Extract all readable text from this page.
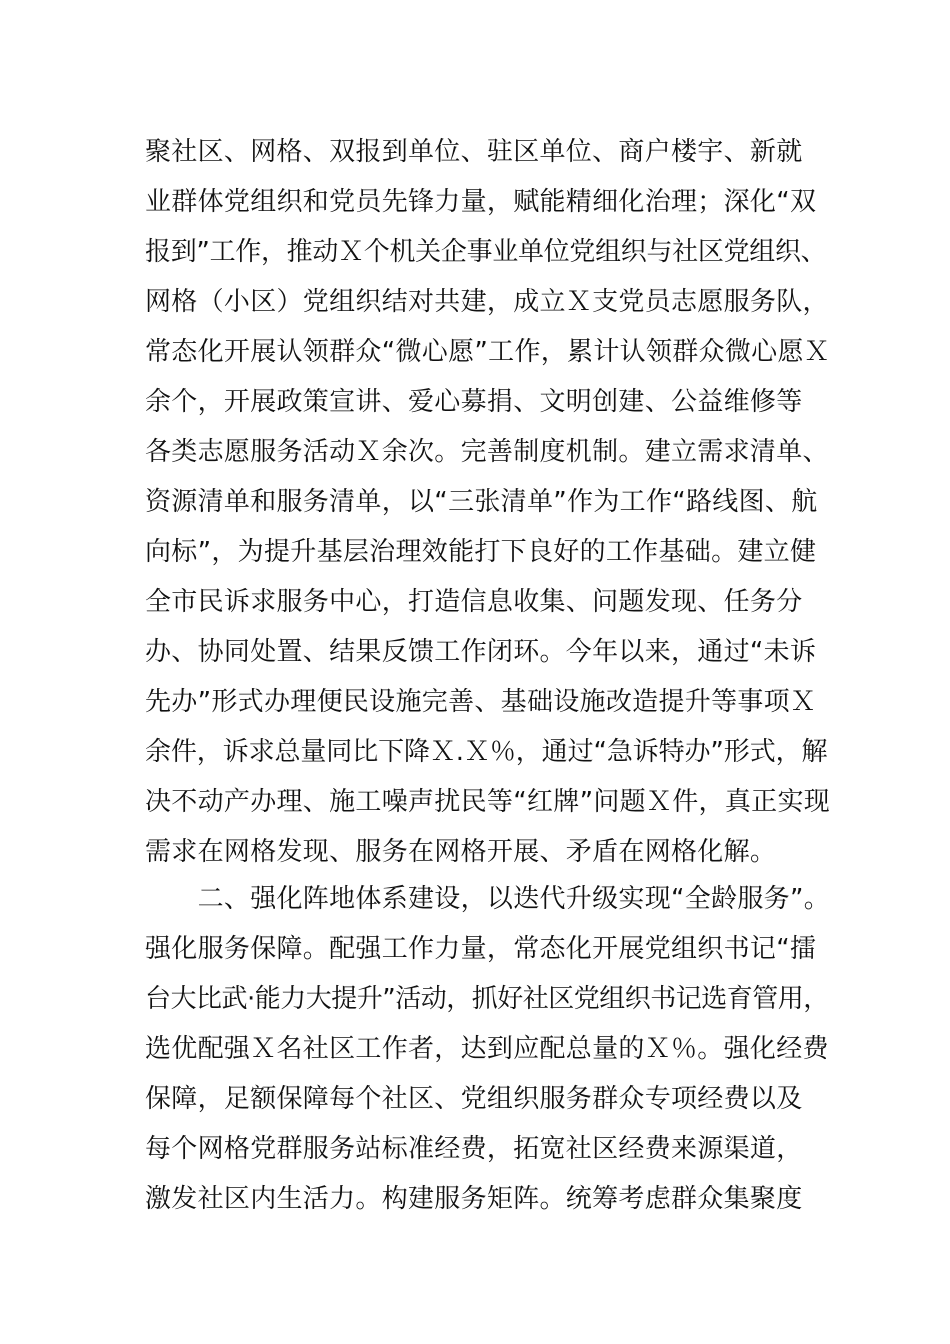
聚社区、网格、双报到单位、驻区单位、商户楼宇、新就
业群体党组织和党员先锋力量，赋能精细化治理；深化“双
报到”工作，推动Ｘ个机关企事业单位党组织与社区党组织、
网格（小区）党组织结对共建，成立Ｘ支党员志愿服务队，
常态化开展认领群众“微心愿”工作，累计认领群众微心愿Ｘ
余个，开展政策宣讲、爱心募捐、文明创建、公益维修等
各类志愿服务活动Ｘ余次。完善制度机制。建立需求清单、
资源清单和服务清单，以“三张清单”作为工作“路线图、航
向标”，为提升基层治理效能打下良好的工作基础。建立健
全市民诉求服务中心，打造信息收集、问题发现、任务分
办、协同处置、结果反馈工作闭环。今年以来，通过“未诉
先办”形式办理便民设施完善、基础设施改造提升等事项Ｘ
余件，诉求总量同比下降Ｘ.Ｘ％，通过“急诉特办”形式，解
决不动产办理、施工噪声扰民等“红牌”问题Ｘ件，真正实现
需求在网格发现、服务在网格开展、矛盾在网格化解。
　　二、强化阵地体系建设，以迭代升级实现“全龄服务”。
强化服务保障。配强工作力量，常态化开展党组织书记“擂
台大比武·能力大提升”活动，抓好社区党组织书记选育管用，
选优配强Ｘ名社区工作者，达到应配总量的Ｘ％。强化经费
保障，足额保障每个社区、党组织服务群众专项经费以及
每个网格党群服务站标准经费，拓宽社区经费来源渠道，
激发社区内生活力。构建服务矩阵。统筹考虑群众集聚度
